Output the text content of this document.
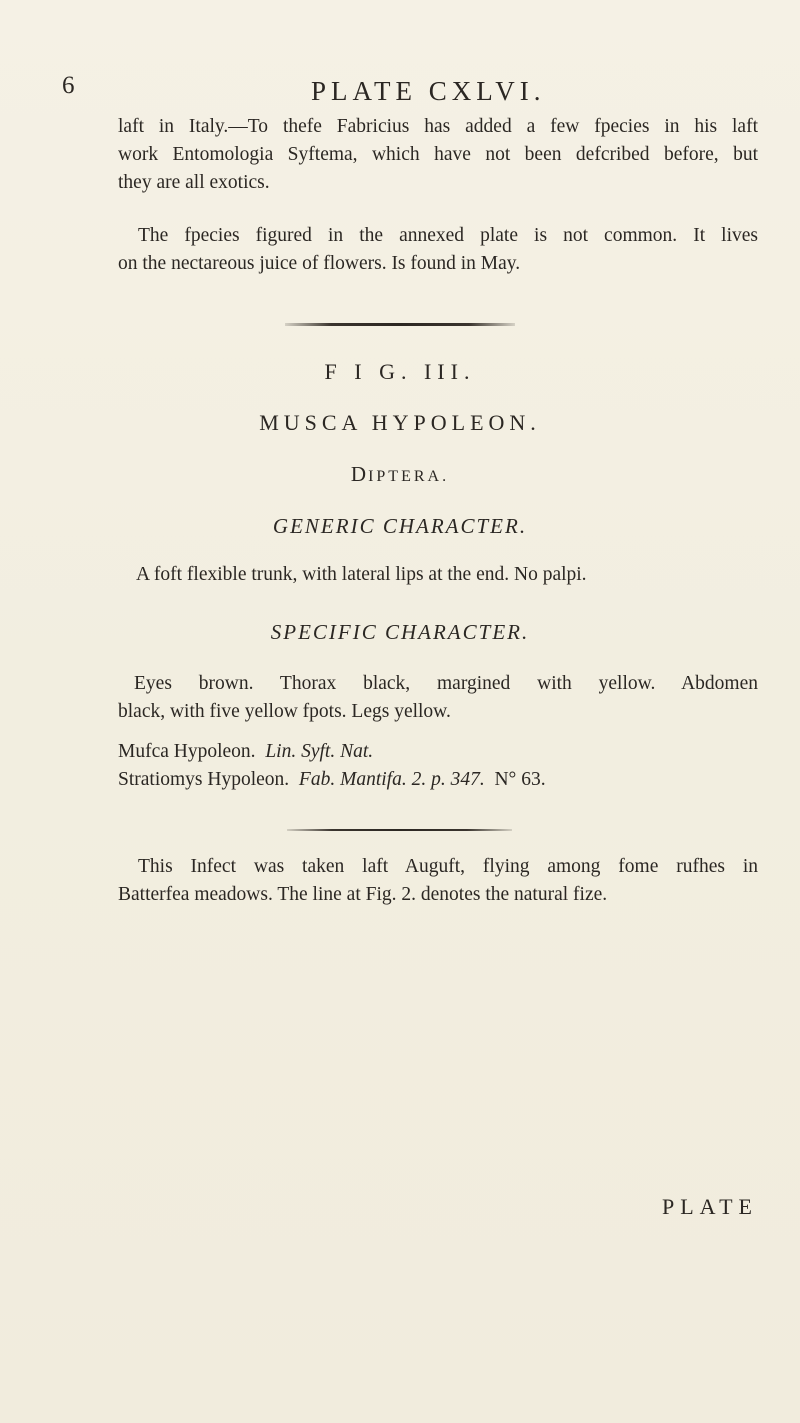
6	PLATE CXLVI.
laft in Italy.—To thefe Fabricius has added a few fpecies in his laft
work Entomologia Syftema, which have not been defcribed before, but
they are all exotics.
The fpecies figured in the annexed plate is not common. It lives
on the nectareous juice of flowers. Is found in May.
F I G. III.
MUSCA HYPOLEON.
DIPTERA.
GENERIC CHARACTER.
A foft flexible trunk, with lateral lips at the end. No palpi.
SPECIFIC CHARACTER.
Eyes brown. Thorax black, margined with yellow. Abdomen
black, with five yellow fpots. Legs yellow.
Mufca Hypoleon. Lin. Syft. Nat.
Stratiomys Hypoleon. Fab. Mantifa. 2. p. 347. N° 63.
This Infect was taken laft Auguft, flying among fome rufhes in
Batterfea meadows. The line at Fig. 2. denotes the natural fize.
PLATE
